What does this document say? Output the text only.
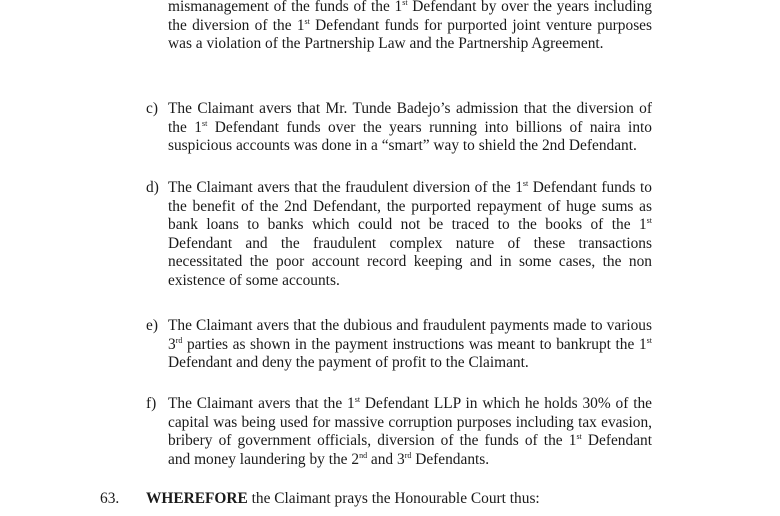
mismanagement of the funds of the 1st Defendant by over the years including the diversion of the 1st Defendant funds for purported joint venture purposes was a violation of the Partnership Law and the Partnership Agreement.
c) The Claimant avers that Mr. Tunde Badejo’s admission that the diversion of the 1st Defendant funds over the years running into billions of naira into suspicious accounts was done in a “smart” way to shield the 2nd Defendant.
d) The Claimant avers that the fraudulent diversion of the 1st Defendant funds to the benefit of the 2nd Defendant, the purported repayment of huge sums as bank loans to banks which could not be traced to the books of the 1st Defendant and the fraudulent complex nature of these transactions necessitated the poor account record keeping and in some cases, the non existence of some accounts.
e) The Claimant avers that the dubious and fraudulent payments made to various 3rd parties as shown in the payment instructions was meant to bankrupt the 1st Defendant and deny the payment of profit to the Claimant.
f) The Claimant avers that the 1st Defendant LLP in which he holds 30% of the capital was being used for massive corruption purposes including tax evasion, bribery of government officials, diversion of the funds of the 1st Defendant and money laundering by the 2nd and 3rd Defendants.
63. WHEREFORE the Claimant prays the Honourable Court thus:
